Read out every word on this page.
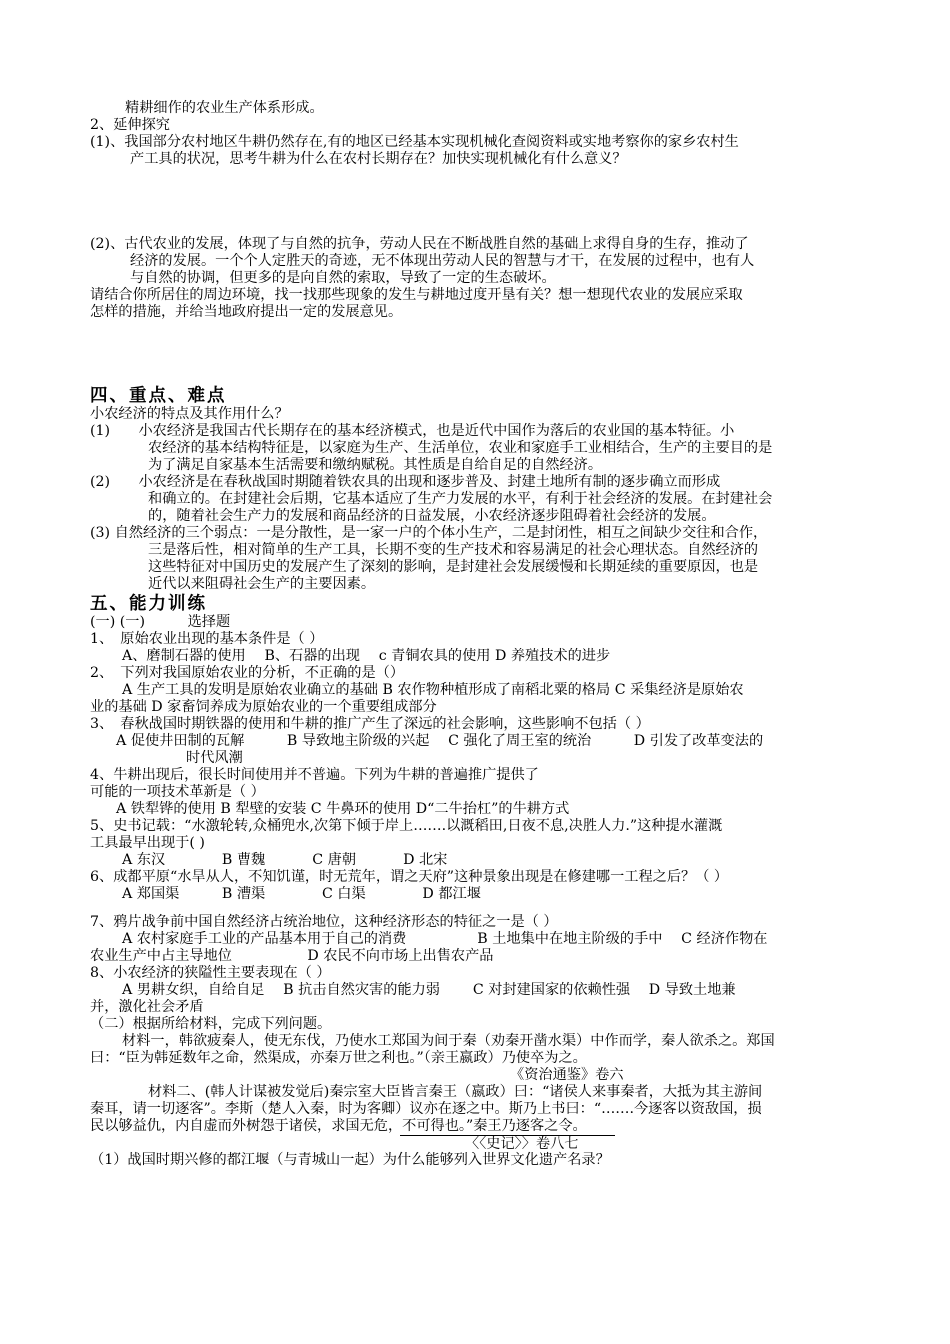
精耕细作的农业生产体系形成。
2、延伸探究
(1)、我国部分农村地区牛耕仍然存在,有的地区已经基本实现机械化查阅资料或实地考察你的家乡农村生
产工具的状况，思考牛耕为什么在农村长期存在？加快实现机械化有什么意义？
(2)、古代农业的发展，体现了与自然的抗争，劳动人民在不断战胜自然的基础上求得自身的生存，推动了
经济的发展。一个个人定胜天的奇迹，无不体现出劳动人民的智慧与才干，在发展的过程中，也有人
与自然的协调，但更多的是向自然的索取，导致了一定的生态破坏。
请结合你所居住的周边环境，找一找那些现象的发生与耕地过度开垦有关？想一想现代农业的发展应采取
怎样的措施，并给当地政府提出一定的发展意见。
四、重点、难点
小农经济的特点及其作用什么？
(1)　　小农经济是我国古代长期存在的基本经济模式，也是近代中国作为落后的农业国的基本特征。小
农经济的基本结构特征是，以家庭为生产、生活单位，农业和家庭手工业相结合，生产的主要目的是
为了满足自家基本生活需要和缴纳赋税。其性质是自给自足的自然经济。
(2)　　小农经济是在春秋战国时期随着铁农具的出现和逐步普及、封建土地所有制的逐步确立而形成
和确立的。在封建社会后期，它基本适应了生产力发展的水平，有利于社会经济的发展。在封建社会
的，随着社会生产力的发展和商品经济的日益发展，小农经济逐步阻碍着社会经济的发展。
(3) 自然经济的三个弱点：一是分散性，是一家一户的个体小生产，二是封闭性，相互之间缺少交往和合作，
三是落后性，相对简单的生产工具，长期不变的生产技术和容易满足的社会心理状态。自然经济的
这些特征对中国历史的发展产生了深刻的影响，是封建社会发展缓慢和长期延续的重要原因，也是
近代以来阻碍社会生产的主要因素。
五、能力训练
(一) (一)　　　选择题
1、　原始农业出现的基本条件是（ ）
A、磨制石器的使用　 B、石器的出现　 c 青铜农具的使用 D 养殖技术的进步
2、　下列对我国原始农业的分析，不正确的是（）
A 生产工具的发明是原始农业确立的基础 B 农作物种植形成了南稻北粟的格局 C 采集经济是原始农
业的基础 D 家畜饲养成为原始农业的一个重要组成部分
3、　春秋战国时期铁器的使用和牛耕的推广产生了深远的社会影响，这些影响不包括（ ）
A 促使井田制的瓦解　　　B 导致地主阶级的兴起　 C 强化了周王室的统治　　　D 引发了改革变法的
时代风潮
4、牛耕出现后，很长时间使用并不普遍。下列为牛耕的普遍推广提供了
可能的一项技术革新是（ ）
A 铁犁铧的使用 B 犁壁的安装 C 牛鼻环的使用 D“二牛抬杠”的牛耕方式
5、史书记载：“水激轮转,众桶兜水,次第下倾于岸上…….以溉稻田,日夜不息,决胜人力.”这种提水灌溉
工具最早出现于( )
A 东汉　　　　B 曹魏　　　 C 唐朝　　　 D 北宋
6、成都平原“水旱从人，不知饥谨，时无荒年，谓之天府”这种景象出现是在修建哪一工程之后？（ ）
A 郑国渠　　　B 漕渠　　　　C 白渠　　　　D 都江堰
7、鸦片战争前中国自然经济占统治地位，这种经济形态的特征之一是（ ）
A 农村家庭手工业的产品基本用于自己的消费　　　　　B 土地集中在地主阶级的手中　 C 经济作物在
农业生产中占主导地位　　　　　 D 农民不向市场上出售农产品
8、小农经济的狭隘性主要表现在（ ）
A 男耕女织，自给自足　 B 抗击自然灾害的能力弱　　 C 对封建国家的依赖性强　 D 导致土地兼
并，激化社会矛盾
（二）根据所给材料，完成下列问题。
材料一，韩欲疲秦人，使无东伐，乃使水工郑国为间于秦（劝秦开凿水渠）中作而学，秦人欲杀之。郑国
曰：“臣为韩延数年之命，然渠成，亦秦万世之利也。”（亲王嬴政）乃使卒为之。
《资治通鉴》卷六
材料二、(韩人计谋被发觉后)秦宗室大臣皆言秦王（嬴政）曰：“诸侯人来事秦者，大抵为其主游间
秦耳，请一切逐客”。李斯（楚人入秦，时为客卿）议亦在逐之中。斯乃上书曰：“…….今逐客以资敌国，损
民以够益仇，内自虚而外树怨于诸侯，求国无危，不可得也。”秦王乃逐客之令。
〈〈史记〉〉卷八七
（1）战国时期兴修的都江堰（与青城山一起）为什么能够列入世界文化遗产名录？
